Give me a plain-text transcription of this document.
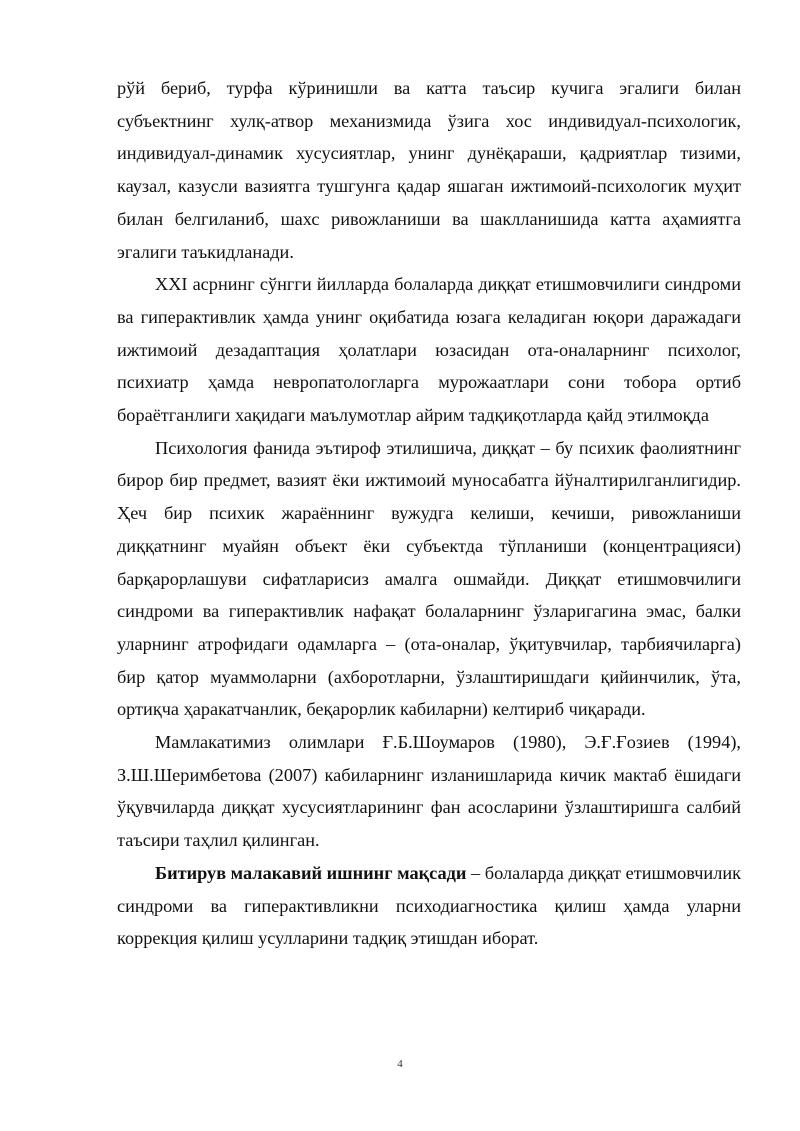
рўй бериб, турфа кўринишли ва катта таъсир кучига эгалиги билан субъектнинг хулқ-атвор механизмида ўзига хос индивидуал-психологик, индивидуал-динамик хусусиятлар, унинг дунёқараши, қадриятлар тизими, каузал, казусли вазиятга тушгунга қадар яшаган ижтимоий-психологик муҳит билан белгиланиб, шахс ривожланиши ва шаклланишида катта аҳамиятга эгалиги таъкидланади.

XXI асрнинг сўнгги йилларда болаларда диққат етишмовчилиги синдроми ва гиперактивлик ҳамда унинг оқибатида юзага келадиган юқори даражадаги ижтимоий дезадаптация ҳолатлари юзасидан ота-оналарнинг психолог, психиатр ҳамда невропатологларга мурожаатлари сони тобора ортиб бораётганлиги хақидаги маълумотлар айрим тадқиқотларда қайд этилмоқда

Психология фанида эътироф этилишича, диққат – бу психик фаолиятнинг бирор бир предмет, вазият ёки ижтимоий муносабатга йўналтирилганлигидир. Ҳеч бир психик жараённинг вужудга келиши, кечиши, ривожланиши диққатнинг муайян объект ёки субъектда тўпланиши (концентрацияси) барқарорлашуви сифатларисиз амалга ошмайди. Диққат етишмовчилиги синдроми ва гиперактивлик нафақат болаларнинг ўзларигагина эмас, балки уларнинг атрофидаги одамларга – (ота-оналар, ўқитувчилар, тарбиячиларга) бир қатор муаммоларни (ахборотларни, ўзлаштиришдаги қийинчилик, ўта, ортиқча ҳаракатчанлик, беқарорлик кабиларни) келтириб чиқаради.

Мамлакатимиз олимлари Ғ.Б.Шоумаров (1980), Э.Ғ.Ғозиев (1994), З.Ш.Шеримбетова (2007) кабиларнинг изланишларида кичик мактаб ёшидаги ўқувчиларда диққат хусусиятларининг фан асосларини ўзлаштиришга салбий таъсири таҳлил қилинган.

Битирув малакавий ишнинг мақсади – болаларда диққат етишмовчилик синдроми ва гиперактивликни психодиагностика қилиш ҳамда уларни коррекция қилиш усулларини тадқиқ этишдан иборат.

4
